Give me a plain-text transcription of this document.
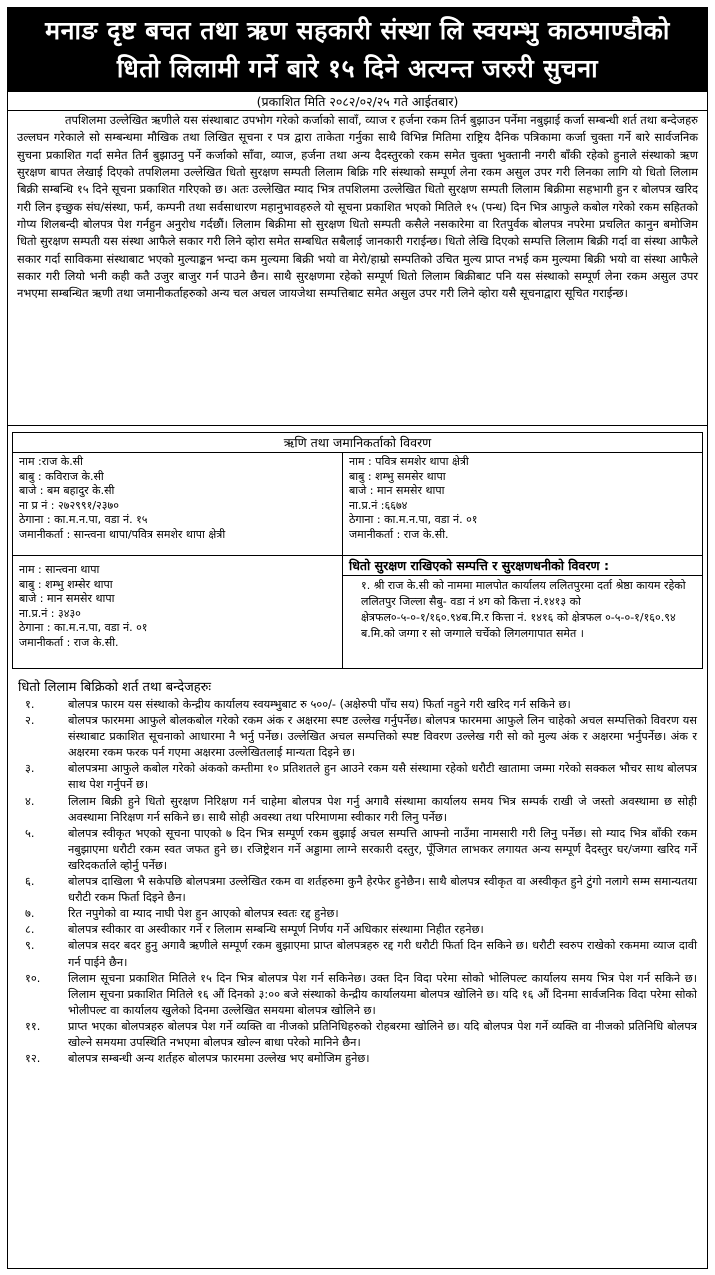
मनाङ दृष्ट बचत तथा ऋण सहकारी संस्था लि स्वयम्भु काठमाण्डौको
धितो लिलामी गर्ने बारे १५ दिने अत्यन्त जरुरी सुचना
(प्रकाशित मिति २०८२/०२/२५ गते आईतबार)

तपशिलमा उल्लेखित ऋणीले यस संस्थाबाट उपभोग गरेको कर्जाको सावाँ, व्याज र हर्जना रकम तिर्न बुझाउन पर्नेमा नबुझाई कर्जा सम्बन्धी शर्त तथा बन्देजहरु उल्लघन गरेकाले सो सम्बन्धमा मौखिक तथा लिखित सूचना र पत्र द्वारा ताकेता गर्नुका साथै विभिन्न मितिमा राष्ट्रिय दैनिक पत्रिकामा कर्जा चुक्ता गर्ने बारे सार्वजनिक सुचना प्रकाशित गर्दा समेत तिर्न बुझाउनु पर्ने कर्जाको साँवा, व्याज, हर्जना तथा अन्य दैदस्तुरको रकम समेत चुक्ता भुक्तानी नगरी बाँकी रहेको हुनाले संस्थाको ऋण सुरक्षण बापत लेखाई दिएको तपशिलमा उल्लेखित धितो सुरक्षण सम्पती लिलाम बिक्रि गरि संस्थाको सम्पूर्ण लेना रकम असुल उपर गरी लिनका लागि यो धितो लिलाम बिक्री सम्बन्धि १५ दिने सूचना प्रकाशित गरिएको छ। अतः उल्लेखित म्याद भित्र तपशिलमा उल्लेखित धितो सुरक्षण सम्पती लिलाम बिक्रीमा सहभागी हुन र बोलपत्र खरिद गरी लिन इच्छुक संघ/संस्था, फर्म, कम्पनी तथा सर्वसाधारण महानुभावहरुले यो सूचना प्रकाशित भएको मितिले १५ (पन्ध) दिन भित्र आफुले कबोल गरेको रकम सहितको गोप्य शिलबन्दी बोलपत्र पेश गर्नहुन अनुरोध गर्दछौं। लिलाम बिक्रीमा सो सुरक्षण धितो सम्पती कसैले नसकारेमा वा रितपुर्वक बोलपत्र नपरेमा प्रचलित कानुन बमोजिम धितो सुरक्षण सम्पती यस संस्था आफैले सकार गरी लिने व्होरा समेत सम्बधित सबैलाई जानकारी गराईन्छ। धितो लेखि दिएको सम्पत्ति लिलाम बिक्री गर्दा वा संस्था आफैले सकार गर्दा साविकमा संस्थाबाट भएको मुल्याङ्कन भन्दा कम मुल्यमा बिक्री भयो वा मेरो/हाम्रो सम्पतिको उचित मुल्य प्राप्त नभई कम मुल्यमा बिक्री भयो वा संस्था आफैले सकार गरी लियो भनी कही कतै उजुर बाजुर गर्न पाउने छैन। साथै सुरक्षणमा रहेको सम्पूर्ण धितो लिलाम बिक्रीबाट पनि यस संस्थाको सम्पूर्ण लेना रकम असुल उपर नभएमा सम्बन्धित ऋणी तथा जमानीकर्ताहरुको अन्य चल अचल जायजेथा सम्पत्तिबाट समेत असुल उपर गरी लिने व्होरा यसै सूचनाद्वारा सूचित गराईन्छ।

ऋणि तथा जमानिकर्ताको विवरण
नाम :राज के.सी
बाबु : कविराज के.सी
बाजे : बम बहादुर के.सी
ना प्र नं : २७२९९१/२३७०
ठेगाना : का.म.न.पा, वडा नं. १५
जमानीकर्ता : सान्त्वना थापा/पवित्र समशेर थापा क्षेत्री
नाम : पवित्र समशेर थापा क्षेत्री
बाबु : शम्भु समसेर थापा
बाजे : मान समसेर थापा
ना.प्र.नं :६६७४
ठेगाना : का.म.न.पा, वडा नं. ०१
जमानीकर्ता : राज के.सी.
नाम : सान्त्वना थापा
बाबु : शम्भु शम्सेर थापा
बाजे : मान समसेर थापा
ना.प्र.नं : ३४३०
ठेगाना : का.म.न.पा, वडा नं. ०१
जमानीकर्ता : राज के.सी.
धितो सुरक्षण राखिएको सम्पत्ति र सुरक्षणधनीको विवरण :
१. श्री राज के.सी को नाममा मालपोत कार्यालय ललितपुरमा दर्ता श्रेष्ठा कायम रहेको ललितपुर जिल्ला सैबु- वडा नं ४ग को कित्ता नं.१४१३ को क्षेत्रफल०-५-०-१/१६०.९४ब.मि.र कित्ता नं. १४१६ को क्षेत्रफल ०-५-०-१/१६०.९४ ब.मि.को जग्गा र सो जग्गाले चर्चेको लिगलगापात समेत ।
धितो लिलाम बिक्रिको शर्त तथा बन्देजहरुः
१.	बोलपत्र फारम यस संस्थाको केन्द्रीय कार्यालय स्वयम्भुबाट रु ५००/- (अक्षेरुपी पाँच सय) फिर्ता नहुने गरी खरिद गर्न सकिने छ।
२.	बोलपत्र फारममा आफुले बोलकबोल गरेको रकम अंक र अक्षरमा स्पष्ट उल्लेख गर्नुपर्नेछ। बोलपत्र फारममा आफुले लिन चाहेको अचल सम्पत्तिको विवरण यस संस्थाबाट प्रकाशित सूचनाको आधारमा नै भर्नु पर्नेछ। उल्लेखित अचल सम्पत्तिको स्पष्ट विवरण उल्लेख गरी सो को मुल्य अंक र अक्षरमा भर्नुपर्नेछ। अंक र अक्षरमा रकम फरक पर्न गएमा अक्षरमा उल्लेखितलाई मान्यता दिइने छ।
३.	बोलपत्रमा आफुले कबोल गरेको अंकको कम्तीमा १० प्रतिशतले हुन आउने रकम यसै संस्थामा रहेको धरौटी खातामा जम्मा गरेको सक्कल भौचर साथ बोलपत्र साथ पेश गर्नुपर्ने छ।
४.	लिलाम बिक्री हुने धितो सुरक्षण निरिक्षण गर्न चाहेमा बोलपत्र पेश गर्नु अगावै संस्थामा कार्यालय समय भित्र सम्पर्क राखी जे जस्तो अवस्थामा छ सोही अवस्थामा निरिक्षण गर्न सकिने छ। साथै सोही अवस्था तथा परिमाणमा स्वीकार गरी लिनु पर्नेछ।
५.	बोलपत्र स्वीकृत भएको सूचना पाएको ७ दिन भित्र सम्पूर्ण रकम बुझाई अचल सम्पत्ति आफ्नो नाउँमा नामसारी गरी लिनु पर्नेछ। सो म्याद भित्र बाँकी रकम नबुझाएमा धरौटी रकम स्वत जफत हुने छ। रजिष्ट्रेशन गर्ने अड्डामा लाग्ने सरकारी दस्तुर, पूँजिगत लाभकर लगायत अन्य सम्पूर्ण दैदस्तुर घर/जग्गा खरिद गर्ने खरिदकर्ताले व्होर्नु पर्नेछ।
६.	बोलपत्र दाखिला भै सकेपछि बोलपत्रमा उल्लेखित रकम वा शर्तहरुमा कुनै हेरफेर हुनेछैन। साथै बोलपत्र स्वीकृत वा अस्वीकृत हुने टुंगो नलागे सम्म समान्यतया धरौटी रकम फिर्ता दिइने छैन।
७.	रित नपुगेको वा म्याद नाघी पेश हुन आएको बोलपत्र स्वतः रद्द हुनेछ।
८.	बोलपत्र स्वीकार वा अस्वीकार गर्ने र लिलाम सम्बन्धि सम्पूर्ण निर्णय गर्ने अधिकार संस्थामा निहीत रहनेछ।
९.	बोलपत्र सदर बदर हुनु अगावै ऋणीले सम्पूर्ण रकम बुझाएमा प्राप्त बोलपत्रहरु रद्द गरी धरौटी फिर्ता दिन सकिने छ। धरौटी स्वरुप राखेको रकममा व्याज दावी गर्न पाईने छैन।
१०.	लिलाम सूचना प्रकाशित मितिले १५ दिन भित्र बोलपत्र पेश गर्न सकिनेछ। उक्त दिन विदा परेमा सोको भोलिपल्ट कार्यालय समय भित्र पेश गर्न सकिने छ। लिलाम सूचना प्रकाशित मितिले १६ औं दिनको ३:०० बजे संस्थाको केन्द्रीय कार्यालयमा बोलपत्र खोलिने छ। यदि १६ औं दिनमा सार्वजनिक विदा परेमा सोको भोलीपल्ट वा कार्यालय खुलेको दिनमा उल्लेखित समयमा बोलपत्र खोलिने छ।
११.	प्राप्त भएका बोलपत्रहरु बोलपत्र पेश गर्ने व्यक्ति वा नीजको प्रतिनिधिहरुको रोहबरमा खोलिने छ। यदि बोलपत्र पेश गर्ने व्यक्ति वा नीजको प्रतिनिधि बोलपत्र खोल्ने समयमा उपस्थिति नभएमा बोलपत्र खोल्न बाधा परेको मानिने छैन।
१२.	बोलपत्र सम्बन्धी अन्य शर्तहरु बोलपत्र फारममा उल्लेख भए बमोजिम हुनेछ।
